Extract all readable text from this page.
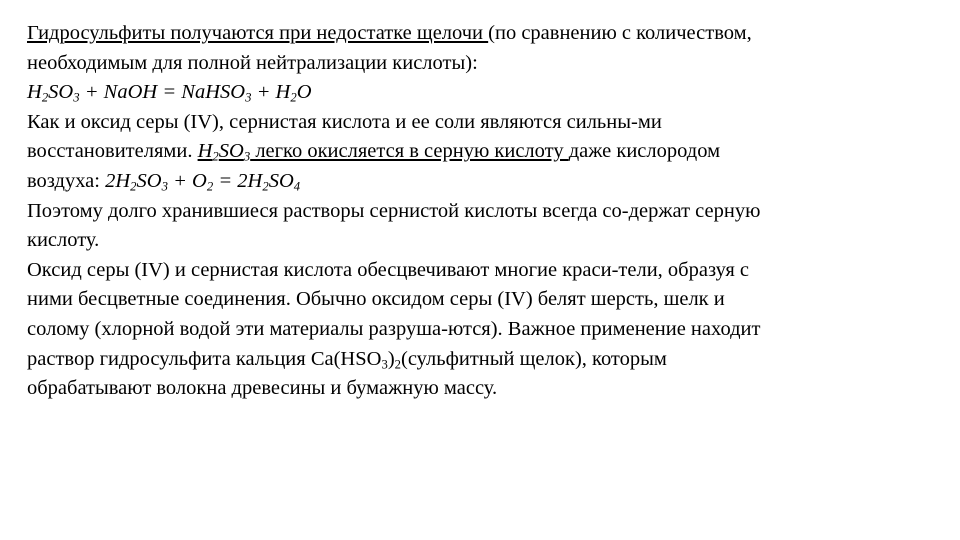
Гидросульфиты получаются при недостатке щелочи (по сравнению с количеством,
необходимым для полной нейтрализации кислоты):
$H_2SO_3$ + NaOH = NaHSO$_3$ + $H_2O$
Как и оксид серы (IV), сернистая кислота и ее соли являются сильны-ми
восстановителями. $H_2SO_3$ легко окисляется в серную кислоту даже кислородом
воздуха: $2H_2SO_3 + O_2 = 2H_2SO_4$
Поэтому долго хранившиеся растворы сернистой кислоты всегда со-держат серную
кислоту.
Оксид серы (IV) и сернистая кислота обесцвечивают многие краси-тели, образуя с
ними бесцветные соединения. Обычно оксидом серы (IV) белят шерсть, шелк и
солому (хлорной водой эти материалы разруша-ются). Важное применение находит
раствор гидросульфита кальция $Ca(HSO_3)_2(сульфитный$ щелок), которым
обрабатывают волокна древесины и бумажную массу.
